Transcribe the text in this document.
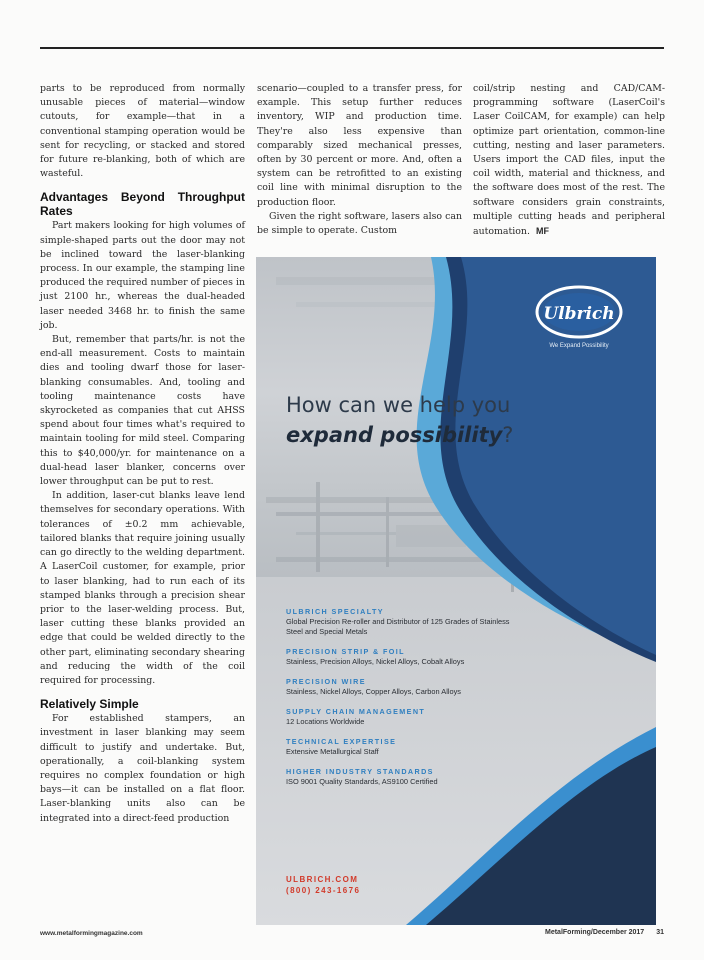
parts to be reproduced from normally unusable pieces of material—window cutouts, for example—that in a conventional stamping operation would be sent for recycling, or stacked and stored for future re-blanking, both of which are wasteful.

Advantages Beyond Throughput Rates

Part makers looking for high volumes of simple-shaped parts out the door may not be inclined toward the laser-blanking process. In our example, the stamping line produced the required number of pieces in just 2100 hr., whereas the dual-headed laser needed 3468 hr. to finish the same job.

But, remember that parts/hr. is not the end-all measurement. Costs to maintain dies and tooling dwarf those for laser-blanking consumables. And, tooling and tooling maintenance costs have skyrocketed as companies that cut AHSS spend about four times what's required to maintain tooling for mild steel. Comparing this to $40,000/yr. for maintenance on a dual-head laser blanker, concerns over lower throughput can be put to rest.

In addition, laser-cut blanks leave lend themselves for secondary operations. With tolerances of ±0.2 mm achievable, tailored blanks that require joining usually can go directly to the welding department. A LaserCoil customer, for example, prior to laser blanking, had to run each of its stamped blanks through a precision shear prior to the laser-welding process. But, laser cutting these blanks provided an edge that could be welded directly to the other part, eliminating secondary shearing and reducing the width of the coil required for processing.

Relatively Simple

For established stampers, an investment in laser blanking may seem difficult to justify and undertake. But, operationally, a coil-blanking system requires no complex foundation or high bays—it can be installed on a flat floor. Laser-blanking units also can be integrated into a direct-feed production

scenario—coupled to a transfer press, for example. This setup further reduces inventory, WIP and production time. They're also less expensive than comparably sized mechanical presses, often by 30 percent or more. And, often a system can be retrofitted to an existing coil line with minimal disruption to the production floor.

Given the right software, lasers also can be simple to operate. Custom

coil/strip nesting and CAD/CAM-programming software (LaserCoil's Laser CoilCAM, for example) can help optimize part orientation, common-line cutting, nesting and laser parameters. Users import the CAD files, input the coil width, material and thickness, and the software does most of the rest. The software considers grain constraints, multiple cutting heads and peripheral automation. MF

Ulbrich
We Expand Possibility
How can we help you
expand possibility?

ULBRICH SPECIALTY

Global Precision Re-roller and Distributor of 125 Grades of Stainless Steel and Special Metals

PRECISION STRIP & FOIL

Stainless, Precision Alloys, Nickel Alloys, Cobalt Alloys

PRECISION WIRE

Stainless, Nickel Alloys, Copper Alloys, Carbon Alloys

SUPPLY CHAIN MANAGEMENT

12 Locations Worldwide

TECHNICAL EXPERTISE

Extensive Metallurgical Staff

HIGHER INDUSTRY STANDARDS

ISO 9001 Quality Standards, AS9100 Certified

ULBRICH.COM
(800) 243-1676
www.metalformingmagazine.com	MetalForming/December 2017 31
